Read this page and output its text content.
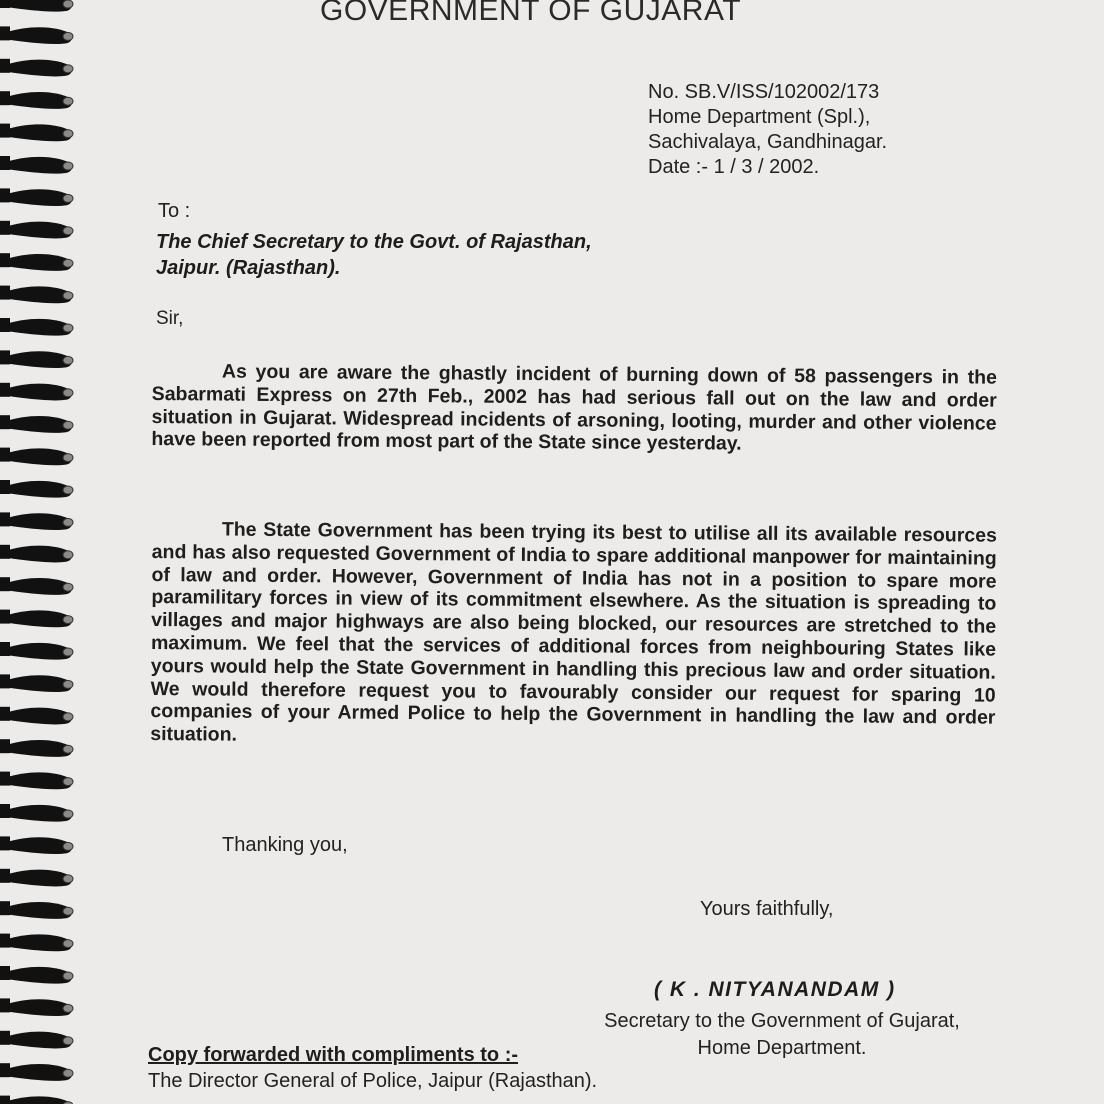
GOVERNMENT OF GUJARAT
No. SB.V/ISS/102002/173
Home Department (Spl.),
Sachivalaya, Gandhinagar.
Date :- 1 / 3 / 2002.
To :
The Chief Secretary to the Govt. of Rajasthan,
Jaipur. (Rajasthan).
Sir,
As you are aware the ghastly incident of burning down of 58 passengers in the Sabarmati Express on 27th Feb., 2002 has had serious fall out on the law and order situation in Gujarat. Widespread incidents of arsoning, looting, murder and other violence have been reported from most part of the State since yesterday.
The State Government has been trying its best to utilise all its available resources and has also requested Government of India to spare additional manpower for maintaining of law and order. However, Government of India has not in a position to spare more paramilitary forces in view of its commitment elsewhere. As the situation is spreading to villages and major highways are also being blocked, our resources are stretched to the maximum. We feel that the services of additional forces from neighbouring States like yours would help the State Government in handling this precious law and order situation. We would therefore request you to favourably consider our request for sparing 10 companies of your Armed Police to help the Government in handling the law and order situation.
Thanking you,
Yours faithfully,
( K . NITYANANDAM )
Secretary to the Government of Gujarat,
Home Department.
Copy forwarded with compliments to :-
The Director General of Police, Jaipur (Rajasthan).
